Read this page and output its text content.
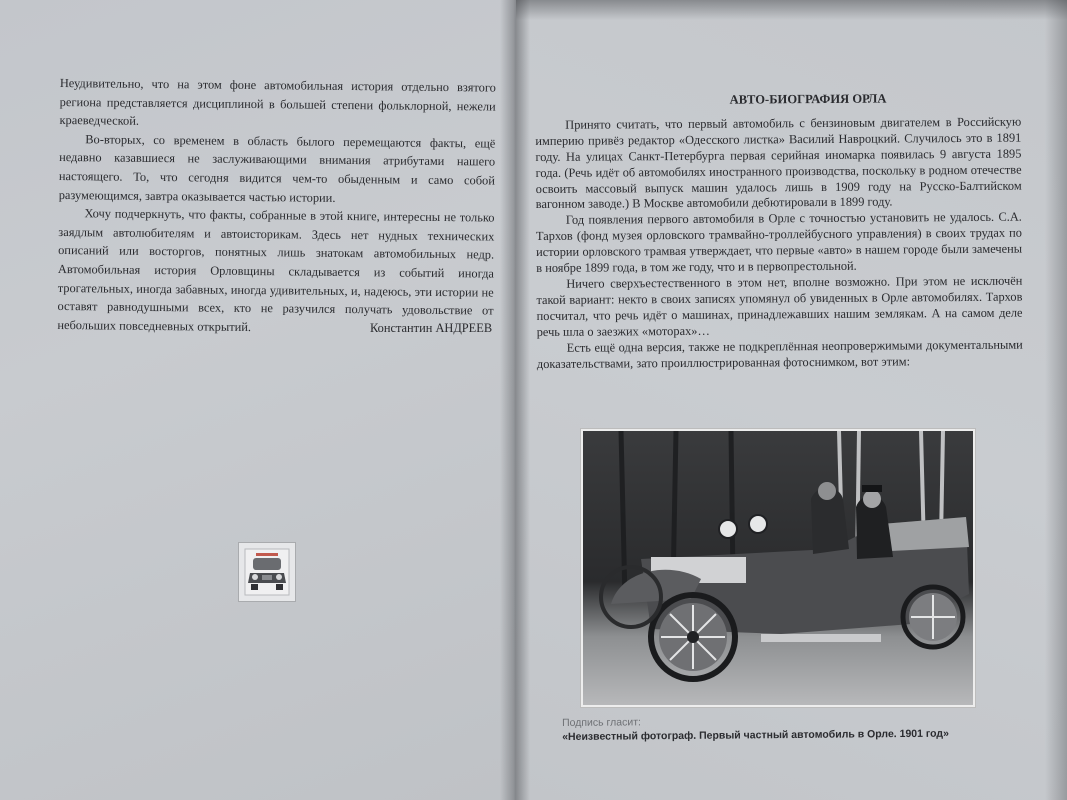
Неудивительно, что на этом фоне автомобильная история отдельно взятого региона представляется дисциплиной в большей степени фольклорной, нежели краеведческой.

Во-вторых, со временем в область былого перемещаются факты, ещё недавно казавшиеся не заслуживающими внимания атрибутами нашего настоящего. То, что сегодня видится чем-то обыденным и само собой разумеющимся, завтра оказывается частью истории.

Хочу подчеркнуть, что факты, собранные в этой книге, интересны не только заядлым автолюбителям и автоисторикам. Здесь нет нудных технических описаний или восторгов, понятных лишь знатокам автомобильных недр. Автомобильная история Орловщины складывается из событий иногда трогательных, иногда забавных, иногда удивительных, и, надеюсь, эти истории не оставят равнодушными всех, кто не разучился получать удовольствие от небольших повседневных открытий.	Константин АНДРЕЕВ
АВТО-БИОГРАФИЯ ОРЛА

Принято считать, что первый автомобиль с бензиновым двигателем в Российскую империю привёз редактор «Одесского листка» Василий Навроцкий. Случилось это в 1891 году. На улицах Санкт-Петербурга первая серийная иномарка появилась 9 августа 1895 года. (Речь идёт об автомобилях иностранного производства, поскольку в родном отечестве освоить массовый выпуск машин удалось лишь в 1909 году на Русско-Балтийском вагонном заводе.) В Москве автомобили дебютировали в 1899 году.

Год появления первого автомобиля в Орле с точностью установить не удалось. С.А. Тархов (фонд музея орловского трамвайно-троллейбусного управления) в своих трудах по истории орловского трамвая утверждает, что первые «авто» в нашем городе были замечены в ноябре 1899 года, в том же году, что и в первопрестольной.

Ничего сверхъестественного в этом нет, вполне возможно. При этом не исключён такой вариант: некто в своих записях упомянул об увиденных в Орле автомобилях. Тархов посчитал, что речь идёт о машинах, принадлежавших нашим землякам. А на самом деле речь шла о заезжих «моторах»…

Есть ещё одна версия, также не подкреплённая неопровержимыми документальными доказательствами, зато проиллюстрированная фотоснимком, вот этим:

Подпись гласит:
«Неизвестный фотограф. Первый частный автомобиль в Орле. 1901 год»
